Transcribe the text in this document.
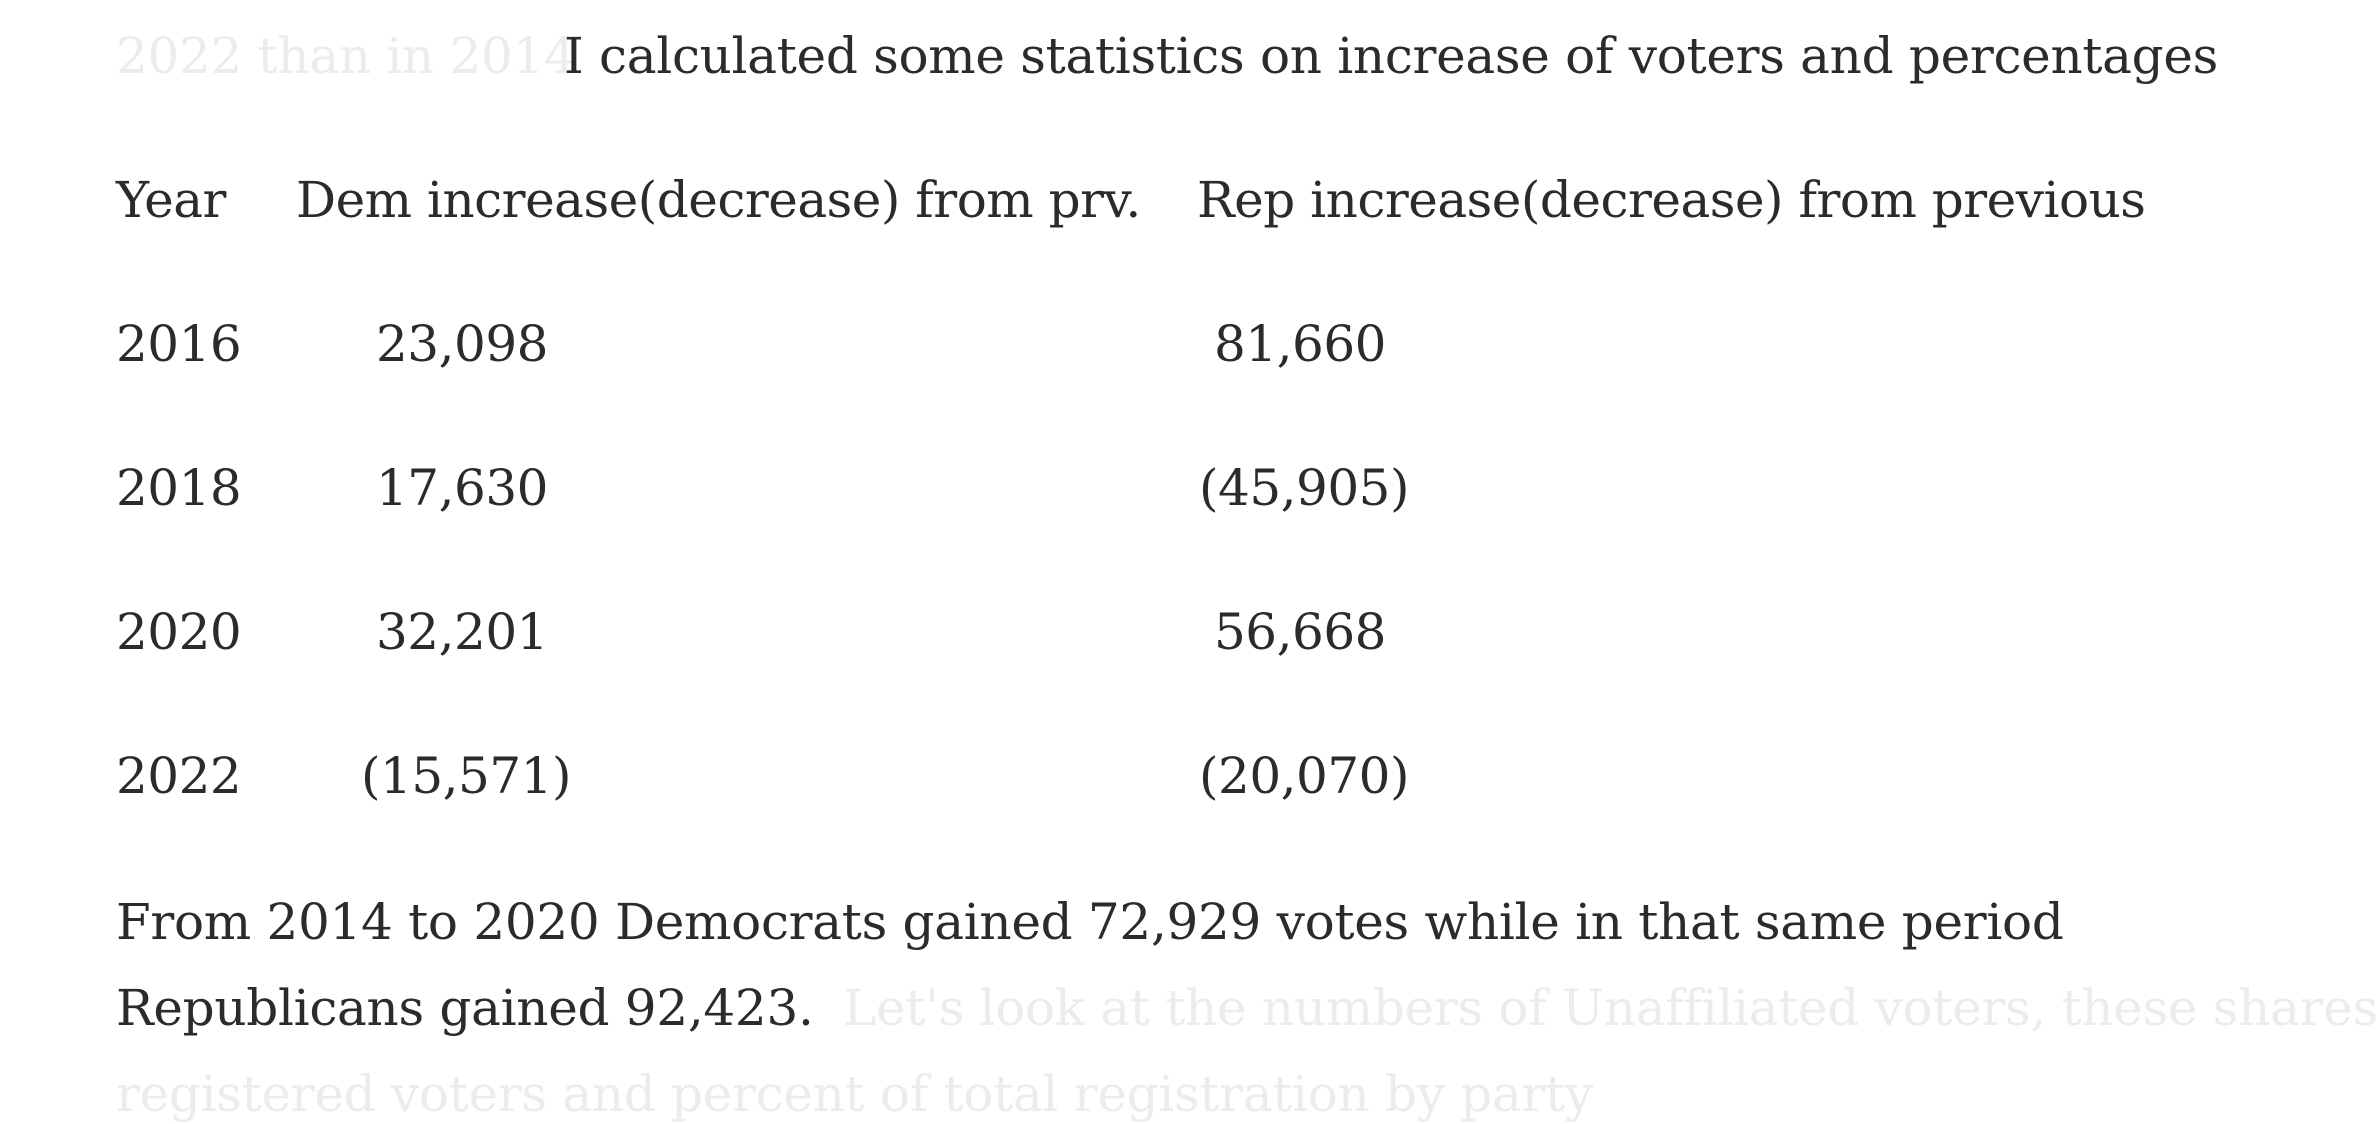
2022 than in 2014
I calculated some statistics on increase of voters and percentages
Year Dem increase(decrease) from prv. Rep increase(decrease) from previous
2016	23,098	81,660
2018	17,630	(45,905)
2020	32,201	56,668
2022 (15,571)	(20,070)
From 2014 to 2020 Democrats gained 72,929 votes while in that same period
Republicans gained 92,423. Let's look at the numbers of Unaffiliated voters, these shares
registered voters and percent of total registration by party
